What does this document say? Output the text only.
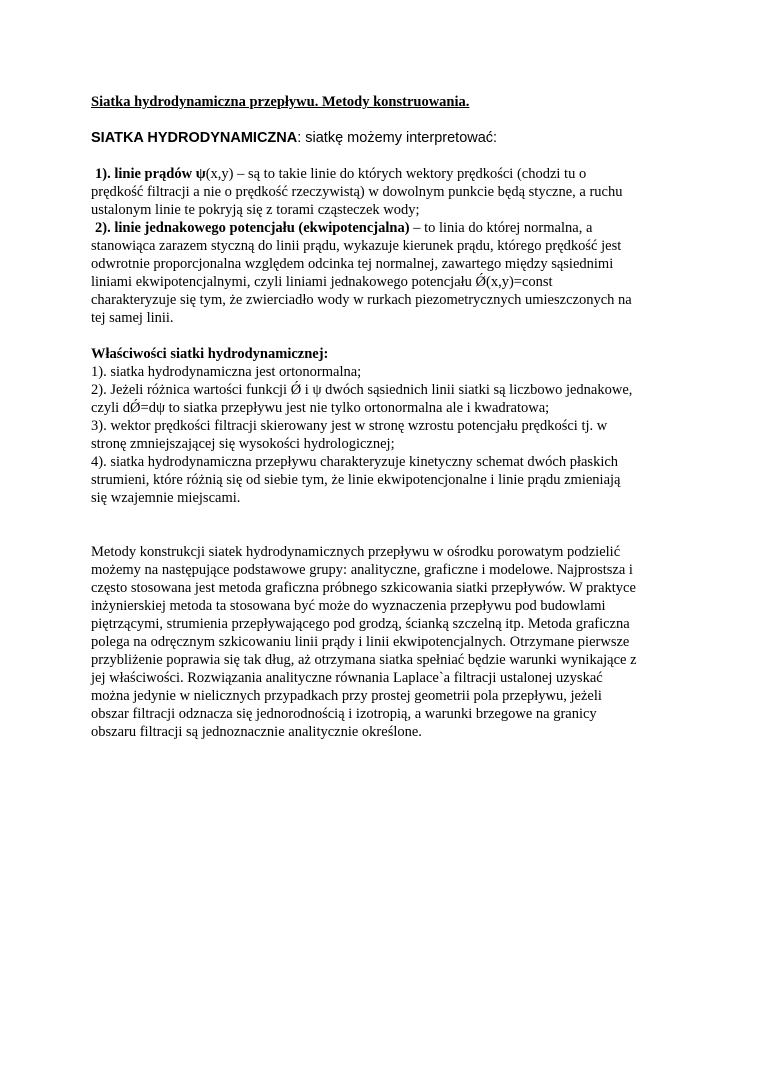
Siatka hydrodynamiczna przepływu. Metody konstruowania.
SIATKA HYDRODYNAMICZNA: siatkę możemy interpretować:
1). linie prądów ψ(x,y) – są to takie linie do których wektory prędkości (chodzi tu o
prędkość filtracji a nie o prędkość rzeczywistą) w dowolnym punkcie będą styczne, a ruchu
ustalonym linie te pokryją się z torami cząsteczek wody;
2). linie jednakowego potencjału (ekwipotencjalna) – to linia do której normalna, a
stanowiąca zarazem styczną do linii prądu, wykazuje kierunek prądu, którego prędkość jest
odwrotnie proporcjonalna względem odcinka tej normalnej, zawartego między sąsiednimi
liniami ekwipotencjalnymi, czyli liniami jednakowego potencjału Ǿ(x,y)=const
charakteryzuje się tym, że zwierciadło wody w rurkach piezometrycznych umieszczonych na
tej samej linii.
Właściwości siatki hydrodynamicznej:
1). siatka hydrodynamiczna jest ortonormalna;
2). Jeżeli różnica wartości funkcji Ǿ i ψ dwóch sąsiednich linii siatki są liczbowo jednakowe,
czyli dǾ=dψ to siatka przepływu jest nie tylko ortonormalna ale i kwadratowa;
3). wektor prędkości filtracji skierowany jest w stronę wzrostu potencjału prędkości tj. w
stronę zmniejszającej się wysokości hydrologicznej;
4). siatka hydrodynamiczna przepływu charakteryzuje kinetyczny schemat dwóch płaskich
strumieni, które różnią się od siebie tym, że linie ekwipotencjonalne i linie prądu zmieniają
się wzajemnie miejscami.
Metody konstrukcji siatek hydrodynamicznych przepływu w ośrodku porowatym podzielić
możemy na następujące podstawowe grupy: analityczne, graficzne i modelowe. Najprostsza i
często stosowana jest metoda graficzna próbnego szkicowania siatki przepływów. W praktyce
inżynierskiej metoda ta stosowana być może do wyznaczenia przepływu pod budowlami
piętrzącymi, strumienia przepływającego pod grodzą, ścianką szczelną itp. Metoda graficzna
polega na odręcznym szkicowaniu linii prądy i linii ekwipotencjalnych. Otrzymane pierwsze
przybliżenie poprawia się tak dług, aż otrzymana siatka spełniać będzie warunki wynikające z
jej właściwości. Rozwiązania analityczne równania Laplace`a filtracji ustalonej uzyskać
można jedynie w nielicznych przypadkach przy prostej geometrii pola przepływu, jeżeli
obszar filtracji odznacza się jednorodnością i izotropią, a warunki brzegowe na granicy
obszaru filtracji są jednoznacznie analitycznie określone.
